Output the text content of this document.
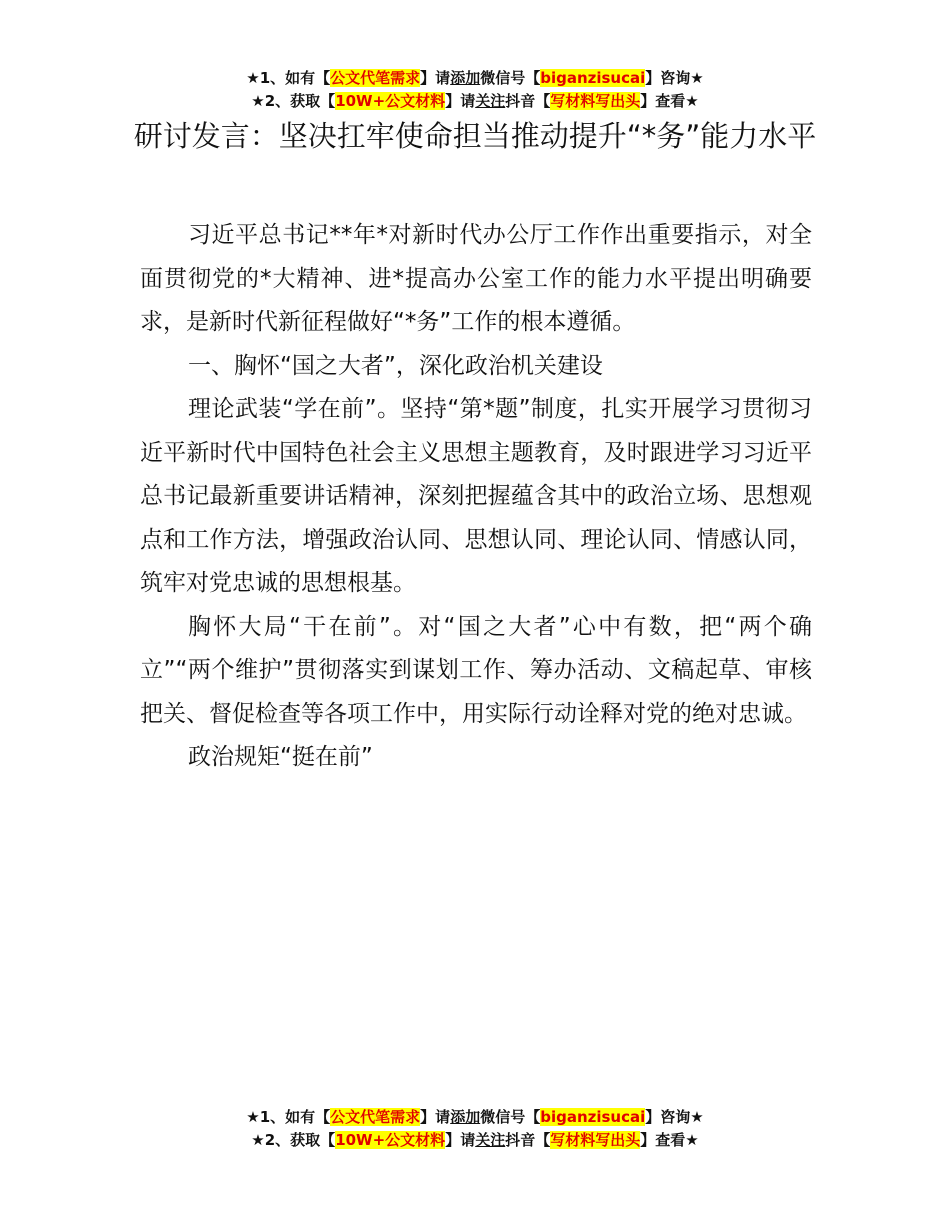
★1、如有【公文代笔需求】请添加微信号【biganzisucai】咨询★
★2、获取【10W+公文材料】请关注抖音【写材料写出头】查看★
研讨发言：坚决扛牢使命担当推动提升“*务”能力水平

习近平总书记**年*对新时代办公厅工作作出重要指示，对全面贯彻党的*大精神、进*提高办公室工作的能力水平提出明确要求，是新时代新征程做好“*务”工作的根本遵循。

一、胸怀“国之大者”，深化政治机关建设

理论武装“学在前”。坚持“第*题”制度，扎实开展学习贯彻习近平新时代中国特色社会主义思想主题教育，及时跟进学习习近平总书记最新重要讲话精神，深刻把握蕴含其中的政治立场、思想观点和工作方法，增强政治认同、思想认同、理论认同、情感认同，筑牢对党忠诚的思想根基。

胸怀大局“干在前”。对“国之大者”心中有数，把“两个确立”“两个维护”贯彻落实到谋划工作、筹办活动、文稿起草、审核把关、督促检查等各项工作中，用实际行动诠释对党的绝对忠诚。

政治规矩“挺在前”

★1、如有【公文代笔需求】请添加微信号【biganzisucai】咨询★
★2、获取【10W+公文材料】请关注抖音【写材料写出头】查看★
